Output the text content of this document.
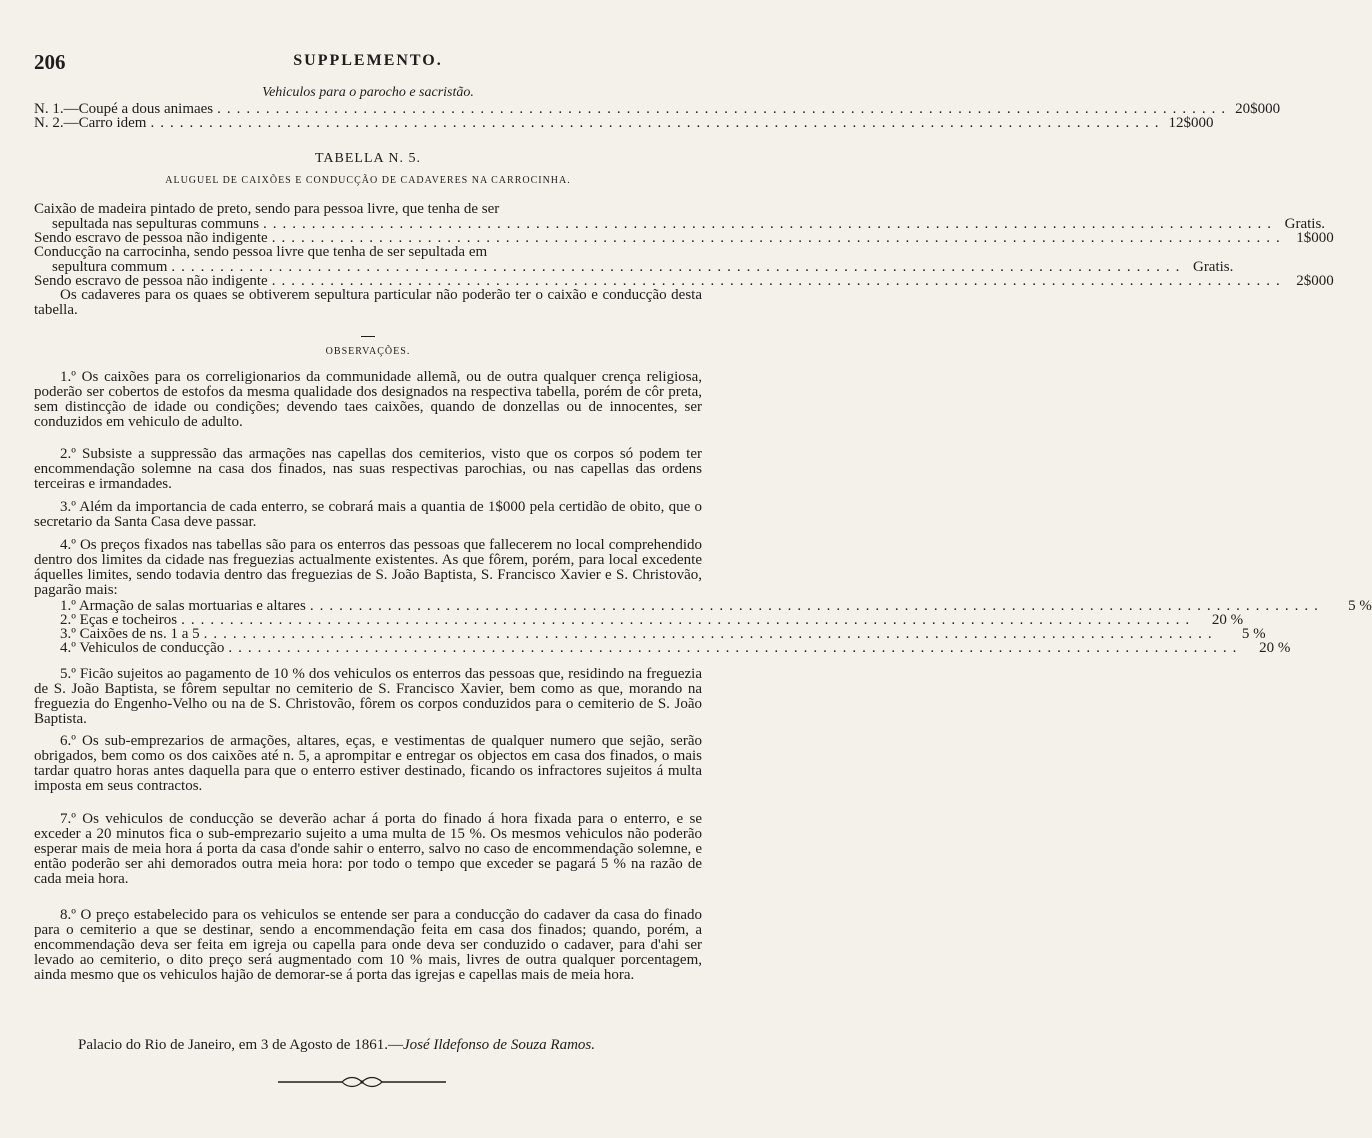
206	SUPPLEMENTO.
Vehiculos para o parocho e sacristão.
N. 1.—Coupé a dous animaes ........................................................................................................ 20$000
N. 2.—Carro idem ........................................................................................................ 12$000
TABELLA N. 5.
ALUGUEL DE CAIXÕES E CONDUCÇÃO DE CADAVERES NA CARROCINHA.
Caixão de madeira pintado de preto, sendo para pessoa livre, que tenha de ser
sepultada nas sepulturas communs ........................................................................................................ Gratis.
Sendo escravo de pessoa não indigente ........................................................................................................ 1$000
Conducção na carrocinha, sendo pessoa livre que tenha de ser sepultada em
sepultura commum ........................................................................................................ Gratis.
Sendo escravo de pessoa não indigente ........................................................................................................ 2$000

Os cadaveres para os quaes se obtiverem sepultura particular não poderão ter o caixão e conducção desta tabella.

OBSERVAÇÕES.

1.º Os caixões para os correligionarios da communidade allemã, ou de outra qualquer crença religiosa, poderão ser cobertos de estofos da mesma qualidade dos designados na respectiva tabella, porém de côr preta, sem distincção de idade ou condições; devendo taes caixões, quando de donzellas ou de innocentes, ser conduzidos em vehiculo de adulto.

2.º Subsiste a suppressão das armações nas capellas dos cemiterios, visto que os corpos só podem ter encommendação solemne na casa dos finados, nas suas respectivas parochias, ou nas capellas das ordens terceiras e irmandades.

3.º Além da importancia de cada enterro, se cobrará mais a quantia de 1$000 pela certidão de obito, que o secretario da Santa Casa deve passar.

4.º Os preços fixados nas tabellas são para os enterros das pessoas que fallecerem no local comprehendido dentro dos limites da cidade nas freguezias actualmente existentes. As que fôrem, porém, para local excedente áquelles limites, sendo todavia dentro das freguezias de S. João Baptista, S. Francisco Xavier e S. Christovão, pagarão mais:

1.º Armação de salas mortuarias e altares ........................................................................................................	5 %
2.º Eças e tocheiros ........................................................................................................	20 %
3.º Caixões de ns. 1 a 5 ........................................................................................................	5 %
4.º Vehiculos de conducção ........................................................................................................	20 %

5.º Ficão sujeitos ao pagamento de 10 % dos vehiculos os enterros das pessoas que, residindo na freguezia de S. João Baptista, se fôrem sepultar no cemiterio de S. Francisco Xavier, bem como as que, morando na freguezia do Engenho-Velho ou na de S. Christovão, fôrem os corpos conduzidos para o cemiterio de S. João Baptista.

6.º Os sub-emprezarios de armações, altares, eças, e vestimentas de qualquer numero que sejão, serão obrigados, bem como os dos caixões até n. 5, a aprompitar e entregar os objectos em casa dos finados, o mais tardar quatro horas antes daquella para que o enterro estiver destinado, ficando os infractores sujeitos á multa imposta em seus contractos.

7.º Os vehiculos de conducção se deverão achar á porta do finado á hora fixada para o enterro, e se exceder a 20 minutos fica o sub-emprezario sujeito a uma multa de 15 %. Os mesmos vehiculos não poderão esperar mais de meia hora á porta da casa d'onde sahir o enterro, salvo no caso de encommendação solemne, e então poderão ser ahi demorados outra meia hora: por todo o tempo que exceder se pagará 5 % na razão de cada meia hora.

8.º O preço estabelecido para os vehiculos se entende ser para a conducção do cadaver da casa do finado para o cemiterio a que se destinar, sendo a encommendação feita em casa dos finados; quando, porém, a encommendação deva ser feita em igreja ou capella para onde deva ser conduzido o cadaver, para d'ahi ser levado ao cemiterio, o dito preço será augmentado com 10 % mais, livres de outra qualquer porcentagem, ainda mesmo que os vehiculos hajão de demorar-se á porta das igrejas e capellas mais de meia hora.

Palacio do Rio de Janeiro, em 3 de Agosto de 1861.—José Ildefonso de Souza Ramos.
